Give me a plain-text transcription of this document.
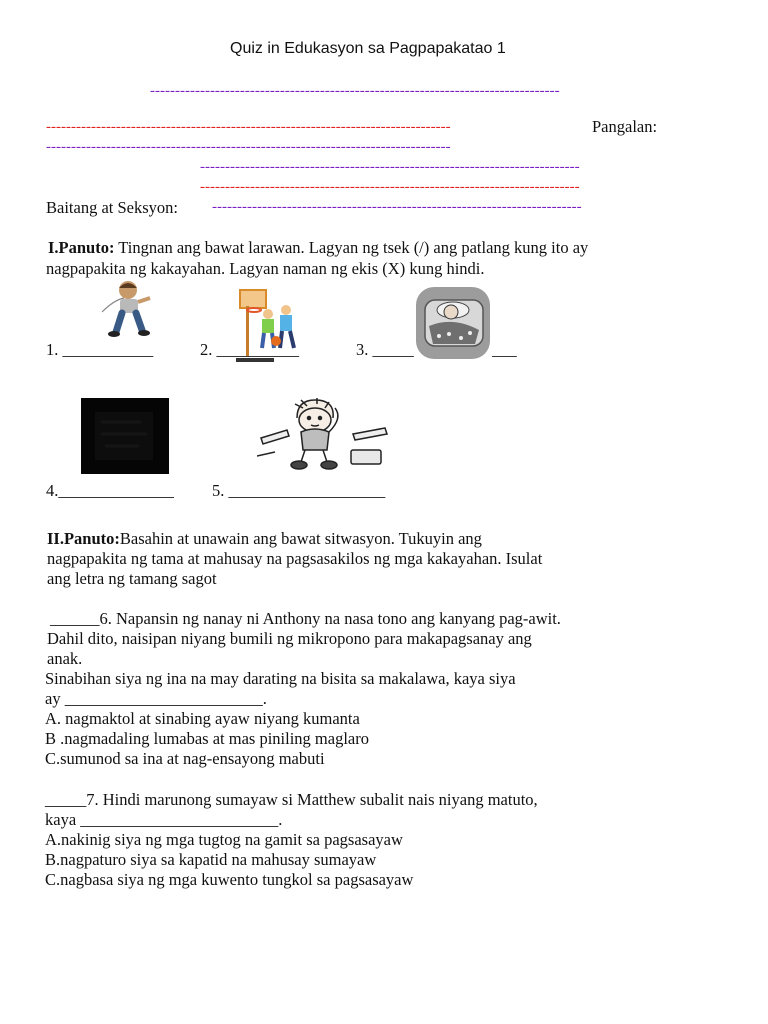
Quiz in Edukasyon sa Pagpapakatao 1
----------------------------------------------------------------------------------
---------------------------------------------------------------------------------	Pangalan:
---------------------------------------------------------------------------------
----------------------------------------------------------------------------
----------------------------------------------------------------------------
Baitang at Seksyon: --------------------------------------------------------------------------
I.Panuto: Tingnan ang bawat larawan. Lagyan ng tsek (/) ang patlang kung ito ay
nagpapakita ng kakayahan. Lagyan naman ng ekis (X) kung hindi.
1. ___________	2. __________	3. _____	___
4.______________ 5. ___________________
II.Panuto:Basahin at unawain ang bawat sitwasyon. Tukuyin ang
nagpapakita ng tama at mahusay na pagsasakilos ng mga kakayahan. Isulat
ang letra ng tamang sagot
______6. Napansin ng nanay ni Anthony na nasa tono ang kanyang pag-awit.
Dahil dito, naisipan niyang bumili ng mikropono para makapagsanay ang
anak.
Sinabihan siya ng ina na may darating na bisita sa makalawa, kaya siya
ay ________________________.
A. nagmaktol at sinabing ayaw niyang kumanta
B .nagmadaling lumabas at mas piniling maglaro
C.sumunod sa ina at nag-ensayong mabuti
_____7. Hindi marunong sumayaw si Matthew subalit nais niyang matuto,
kaya ________________________.
A.nakinig siya ng mga tugtog na gamit sa pagsasayaw
B.nagpaturo siya sa kapatid na mahusay sumayaw
C.nagbasa siya ng mga kuwento tungkol sa pagsasayaw
